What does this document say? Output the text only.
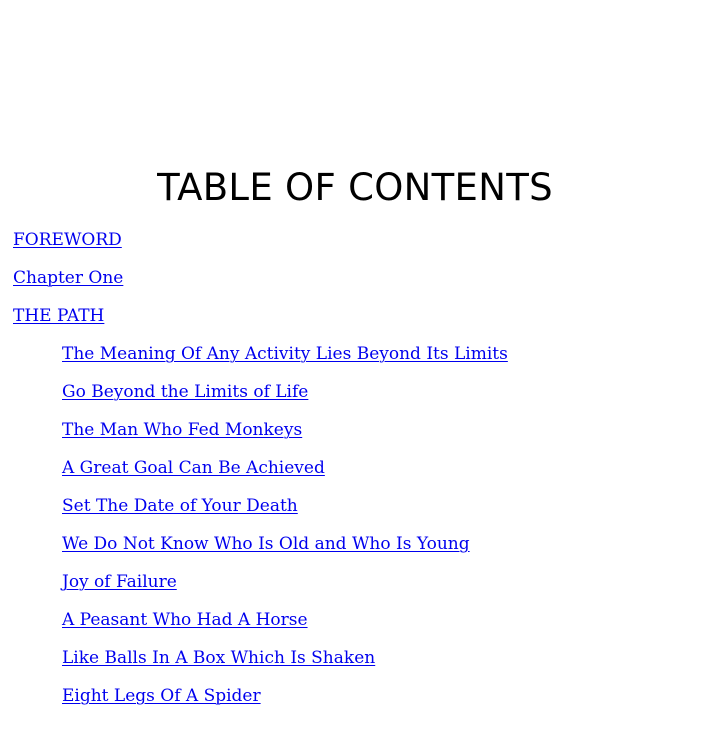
TABLE OF CONTENTS
FOREWORD
Chapter One
THE PATH
The Meaning Of Any Activity Lies Beyond Its Limits
Go Beyond the Limits of Life
The Man Who Fed Monkeys
A Great Goal Can Be Achieved
Set The Date of Your Death
We Do Not Know Who Is Old and Who Is Young
Joy of Failure
A Peasant Who Had A Horse
Like Balls In A Box Which Is Shaken
Eight Legs Of A Spider
